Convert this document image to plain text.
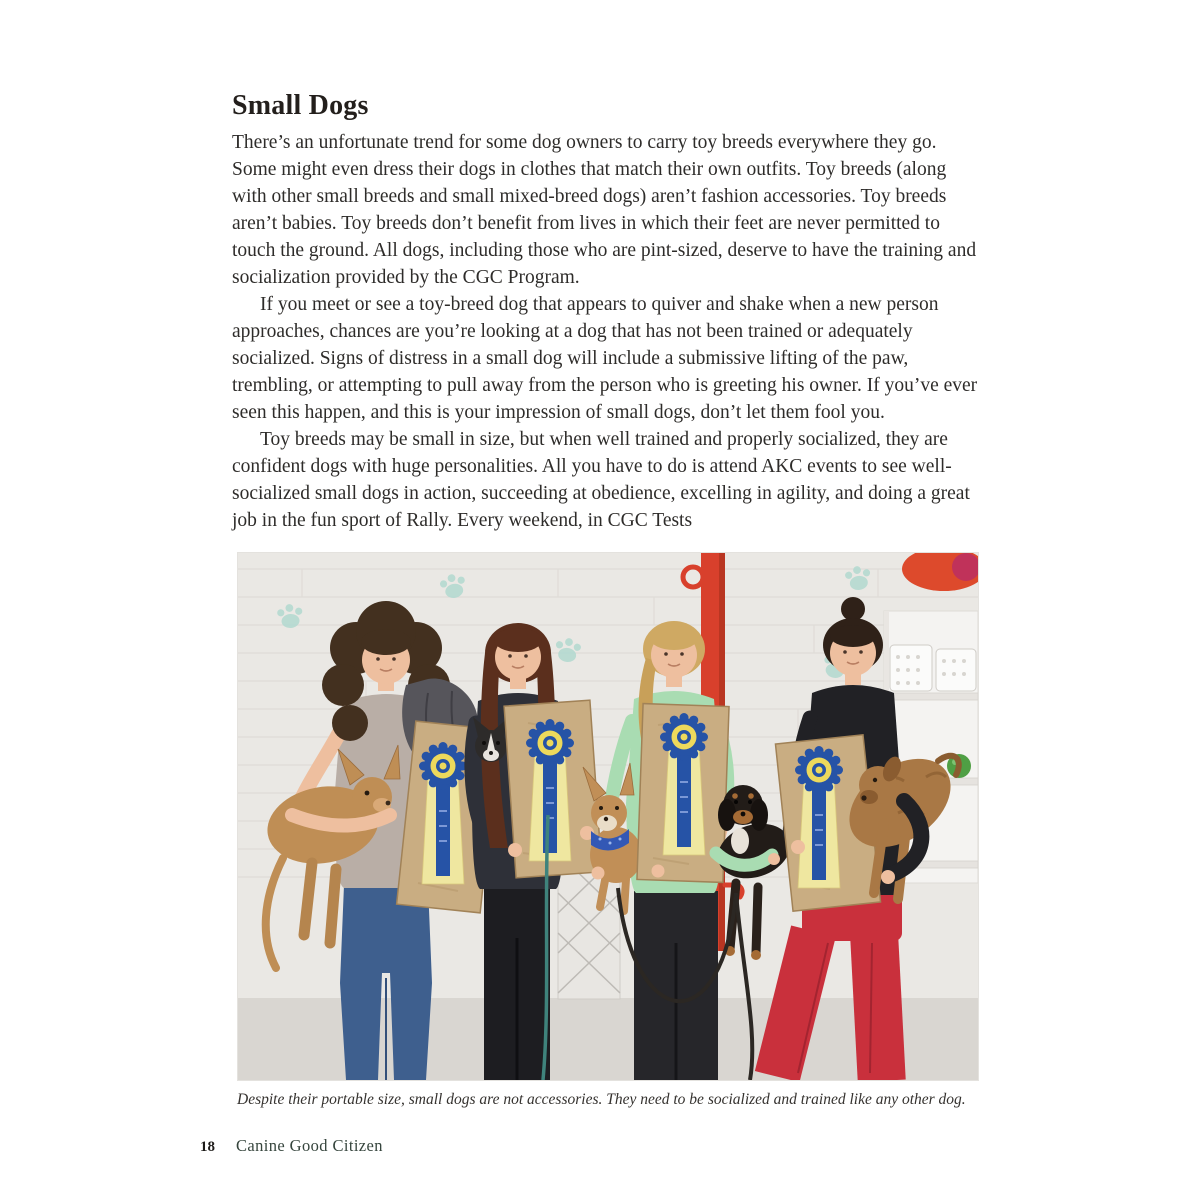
Small Dogs

There’s an unfortunate trend for some dog owners to carry toy breeds everywhere they go. Some might even dress their dogs in clothes that match their own outfits. Toy breeds (along with other small breeds and small mixed-breed dogs) aren’t fashion accessories. Toy breeds aren’t babies. Toy breeds don’t benefit from lives in which their feet are never permitted to touch the ground. All dogs, including those who are pint-sized, deserve to have the training and socialization provided by the CGC Program.

If you meet or see a toy-breed dog that appears to quiver and shake when a new person approaches, chances are you’re looking at a dog that has not been trained or adequately socialized. Signs of distress in a small dog will include a submissive lifting of the paw, trembling, or attempting to pull away from the person who is greeting his owner. If you’ve ever seen this happen, and this is your impression of small dogs, don’t let them fool you.

Toy breeds may be small in size, but when well trained and properly socialized, they are confident dogs with huge personalities. All you have to do is attend AKC events to see well-socialized small dogs in action, succeeding at obedience, excelling in agility, and doing a great job in the fun sport of Rally. Every weekend, in CGC Tests

Despite their portable size, small dogs are not accessories. They need to be socialized and trained like any other dog.
18 Canine Good Citizen
